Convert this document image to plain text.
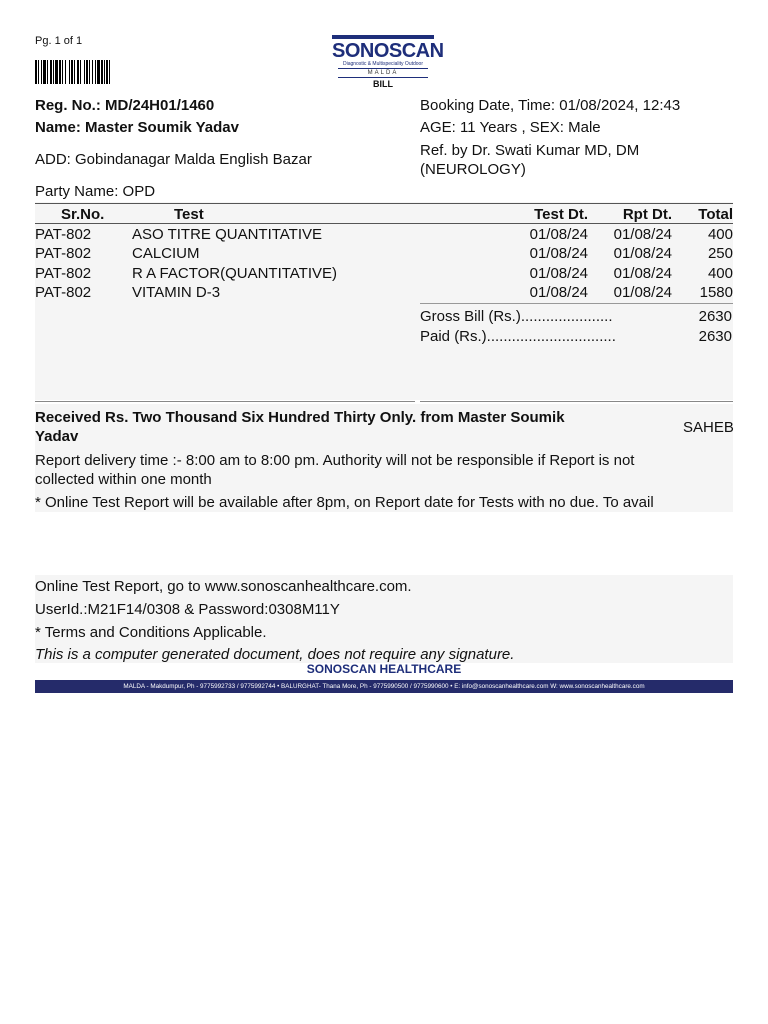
Pg. 1 of 1	SONOSCAN
Diagnostic & Multispeciality Outdoor
MALDA
BILL
Reg. No.: MD/24H01/1460
Name: Master Soumik Yadav
ADD: Gobindanagar Malda English Bazar
Party Name: OPD
Booking Date, Time: 01/08/2024, 12:43
AGE: 11 Years , SEX: Male
Ref. by Dr. Swati Kumar MD, DM
(NEUROLOGY)
Sr.No.	Test	Test Dt.	Rpt Dt.	Total
PAT-802	ASO TITRE QUANTITATIVE	01/08/24	01/08/24	400
PAT-802	CALCIUM	01/08/24	01/08/24	250
PAT-802	R A FACTOR(QUANTITATIVE)	01/08/24	01/08/24	400
PAT-802	VITAMIN D-3	01/08/24	01/08/24	1580
Gross Bill (Rs.)......................	2630
Paid (Rs.)...............................	2630
Received Rs. Two Thousand Six Hundred Thirty Only. from Master Soumik
Yadav
SAHEB
Report delivery time :- 8:00 am to 8:00 pm. Authority will not be responsible if Report is not
collected within one month
* Online Test Report will be available after 8pm, on Report date for Tests with no due. To avail
Online Test Report, go to www.sonoscanhealthcare.com.
UserId.:M21F14/0308 & Password:0308M11Y
* Terms and Conditions Applicable.
This is a computer generated document, does not require any signature.
SONOSCAN HEALTHCARE
MALDA - Makdumpur, Ph - 9775992733 / 9775992744 • BALURGHAT- Thana More, Ph - 9775990500 / 9775990600 • E: info@sonoscanhealthcare.com W: www.sonoscanhealthcare.com
